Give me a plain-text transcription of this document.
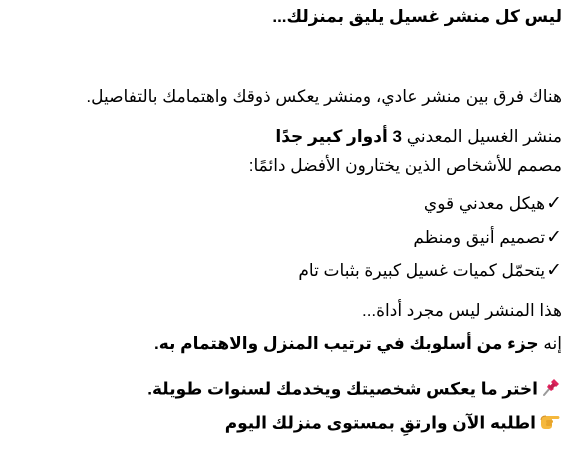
ليس كل منشر غسيل يليق بمنزلك...
هناك فرق بين منشر عادي، ومنشر يعكس ذوقك واهتمامك بالتفاصيل.
منشر الغسيل المعدني 3 أدوار كبير جدًا
مصمم للأشخاص الذين يختارون الأفضل دائمًا:
✓هيكل معدني قوي
✓تصميم أنيق ومنظم
✓يتحمّل كميات غسيل كبيرة بثبات تام
هذا المنشر ليس مجرد أداة...
إنه جزء من أسلوبك في ترتيب المنزل والاهتمام به.
اختر ما يعكس شخصيتك ويخدمك لسنوات طويلة.
اطلبه الآن وارتقِ بمستوى منزلك اليوم
